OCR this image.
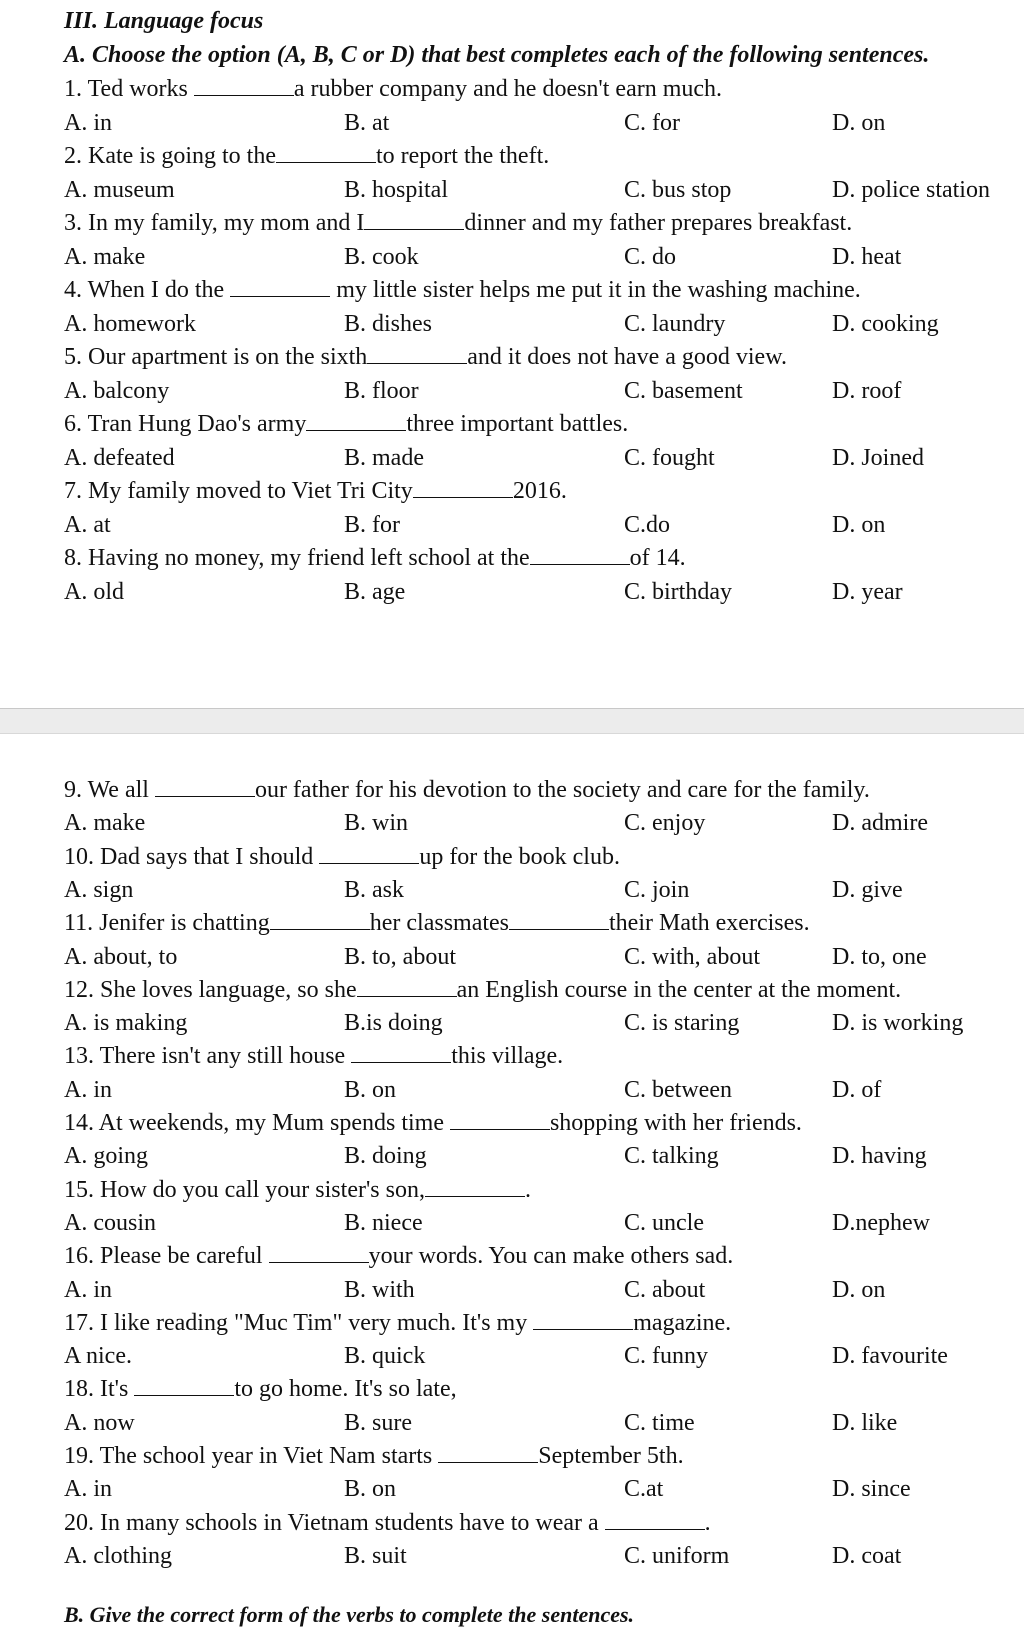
III. Language focus
A. Choose the option (A, B, C or D) that best completes each of the following sentences.
1. Ted works	a rubber company and he doesn't earn much.
A. in	B. at	C. for	D. on
2. Kate is going to the	to report the theft.
A. museum	B. hospital	C. bus stop	D. police station
3. In my family, my mom and I	dinner and my father prepares breakfast.
A. make	B. cook	C. do	D. heat
4. When I do the	my little sister helps me put it in the washing machine.
A. homework	B. dishes	C. laundry	D. cooking
5. Our apartment is on the sixth	and it does not have a good view.
A. balcony	B. floor	C. basement	D. roof
6. Tran Hung Dao's army	three important battles.
A. defeated	B. made	C. fought	D. Joined
7. My family moved to Viet Tri City	2016.
A. at	B. for	C.do	D. on
8. Having no money, my friend left school at the	of 14.
A. old	B. age	C. birthday	D. year
9. We all	our father for his devotion to the society and care for the family.
A. make	B. win	C. enjoy	D. admire
10. Dad says that I should	up for the book club.
A. sign	B. ask	C. join	D. give
11. Jenifer is chatting	her classmates	their Math exercises.
A. about, to	B. to, about	C. with, about	D. to, one
12. She loves language, so she	an English course in the center at the moment.
A. is making	B.is doing	C. is staring	D. is working
13. There isn't any still house	this village.
A. in	B. on	C. between	D. of
14. At weekends, my Mum spends time	shopping with her friends.
A. going	B. doing	C. talking	D. having
15. How do you call your sister's son,	.
A. cousin	B. niece	C. uncle	D.nephew
16. Please be careful	your words. You can make others sad.
A. in	B. with	C. about	D. on
17. I like reading "Muc Tim" very much. It's my	magazine.
A nice.	B. quick	C. funny	D. favourite
18. It's	to go home. It's so late,
A. now	B. sure	C. time	D. like
19. The school year in Viet Nam starts	September 5th.
A. in	B. on	C.at	D. since
20. In many schools in Vietnam students have to wear a	.
A. clothing	B. suit	C. uniform	D. coat
B. Give the correct form of the verbs to complete the sentences.
